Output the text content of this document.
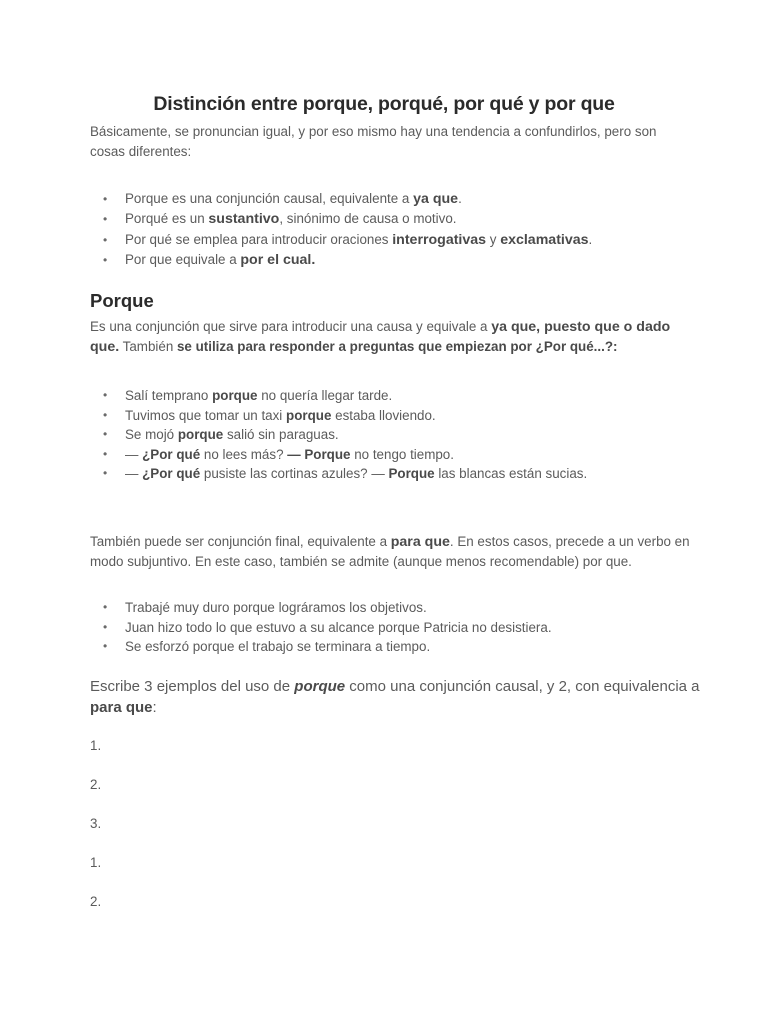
Distinción entre porque, porqué, por qué y por que

Básicamente, se pronuncian igual, y por eso mismo hay una tendencia a confundirlos, pero son cosas diferentes:

• Porque es una conjunción causal, equivalente a ya que.
• Porqué es un sustantivo, sinónimo de causa o motivo.
• Por qué se emplea para introducir oraciones interrogativas y exclamativas.
• Por que equivale a por el cual.
Porque

Es una conjunción que sirve para introducir una causa y equivale a ya que, puesto que o dado que. También se utiliza para responder a preguntas que empiezan por ¿Por qué...?:

• Salí temprano porque no quería llegar tarde.
• Tuvimos que tomar un taxi porque estaba lloviendo.
• Se mojó porque salió sin paraguas.
• — ¿Por qué no lees más? — Porque no tengo tiempo.
• — ¿Por qué pusiste las cortinas azules? — Porque las blancas están sucias.

También puede ser conjunción final, equivalente a para que. En estos casos, precede a un verbo en modo subjuntivo. En este caso, también se admite (aunque menos recomendable) por que.

• Trabajé muy duro porque lográramos los objetivos.
• Juan hizo todo lo que estuvo a su alcance porque Patricia no desistiera.
• Se esforzó porque el trabajo se terminara a tiempo.

Escribe 3 ejemplos del uso de porque como una conjunción causal, y 2, con equivalencia a para que:

1.

2.

3.

1.

2.
